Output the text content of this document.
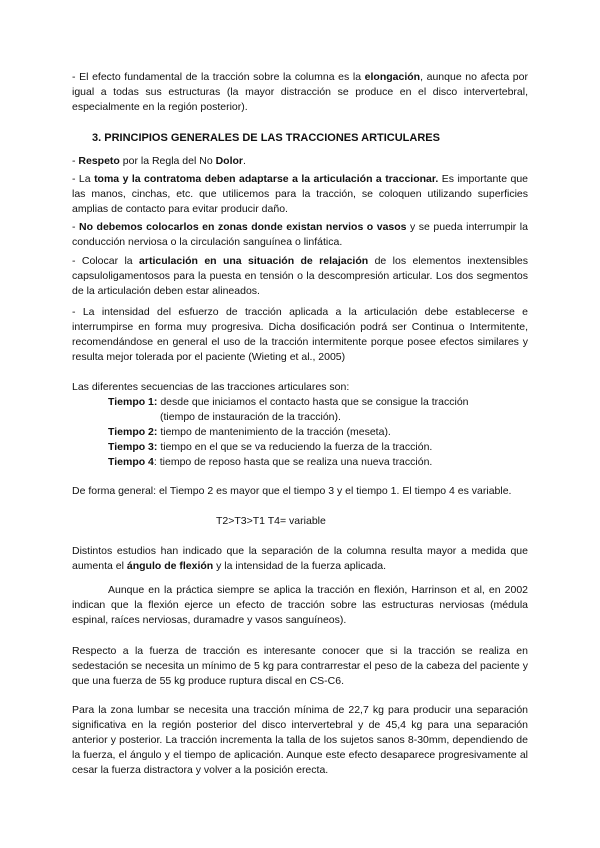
- El efecto fundamental de la tracción sobre la columna es la elongación, aunque no afecta por igual a todas sus estructuras (la mayor distracción se produce en el disco intervertebral, especialmente en la región posterior).

3. PRINCIPIOS GENERALES DE LAS TRACCIONES ARTICULARES

- Respeto por la Regla del No Dolor.

- La toma y la contratoma deben adaptarse a la articulación a traccionar. Es importante que las manos, cinchas, etc. que utilicemos para la tracción, se coloquen utilizando superficies amplias de contacto para evitar producir daño.

- No debemos colocarlos en zonas donde existan nervios o vasos y se pueda interrumpir la conducción nerviosa o la circulación sanguínea o linfática.

- Colocar la articulación en una situación de relajación de los elementos inextensibles capsuloligamentosos para la puesta en tensión o la descompresión articular. Los dos segmentos de la articulación deben estar alineados.

- La intensidad del esfuerzo de tracción aplicada a la articulación debe establecerse e interrumpirse en forma muy progresiva. Dicha dosificación podrá ser Continua o Intermitente, recomendándose en general el uso de la tracción intermitente porque posee efectos similares y resulta mejor tolerada por el paciente (Wieting et al., 2005)

Las diferentes secuencias de las tracciones articulares son:

Tiempo 1: desde que iniciamos el contacto hasta que se consigue la tracción

(tiempo de instauración de la tracción).

Tiempo 2: tiempo de mantenimiento de la tracción (meseta).

Tiempo 3: tiempo en el que se va reduciendo la fuerza de la tracción.

Tiempo 4: tiempo de reposo hasta que se realiza una nueva tracción.

De forma general: el Tiempo 2 es mayor que el tiempo 3 y el tiempo 1. El tiempo 4 es variable.

T2>T3>T1 T4= variable

Distintos estudios han indicado que la separación de la columna resulta mayor a medida que aumenta el ángulo de flexión y la intensidad de la fuerza aplicada.

Aunque en la práctica siempre se aplica la tracción en flexión, Harrinson et al, en 2002 indican que la flexión ejerce un efecto de tracción sobre las estructuras nerviosas (médula espinal, raíces nerviosas, duramadre y vasos sanguíneos).

Respecto a la fuerza de tracción es interesante conocer que si la tracción se realiza en sedestación se necesita un mínimo de 5 kg para contrarrestar el peso de la cabeza del paciente y que una fuerza de 55 kg produce ruptura discal en CS-C6.

Para la zona lumbar se necesita una tracción mínima de 22,7 kg para producir una separación significativa en la región posterior del disco intervertebral y de 45,4 kg para una separación anterior y posterior. La tracción incrementa la talla de los sujetos sanos 8-30mm, dependiendo de la fuerza, el ángulo y el tiempo de aplicación. Aunque este efecto desaparece progresivamente al cesar la fuerza distractora y volver a la posición erecta.
